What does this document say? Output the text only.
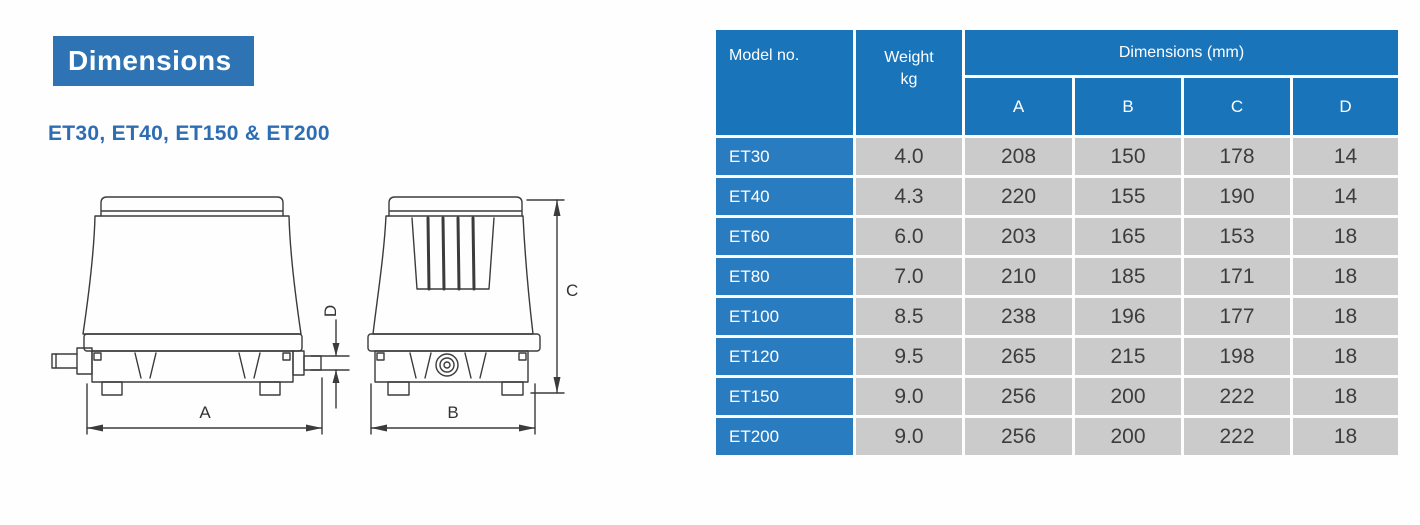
Dimensions
ET30, ET40, ET150 & ET200
D
A	B
C
Model no.	Weight
kg
Dimensions (mm)
A	B	C	D
ET30	4.0	208	150	178	14
ET40	4.3	220	155	190	14
ET60	6.0	203	165	153	18
ET80	7.0	210	185	171	18
ET100	8.5	238	196	177	18
ET120	9.5	265	215	198	18
ET150	9.0	256	200	222	18
ET200	9.0	256	200	222	18
